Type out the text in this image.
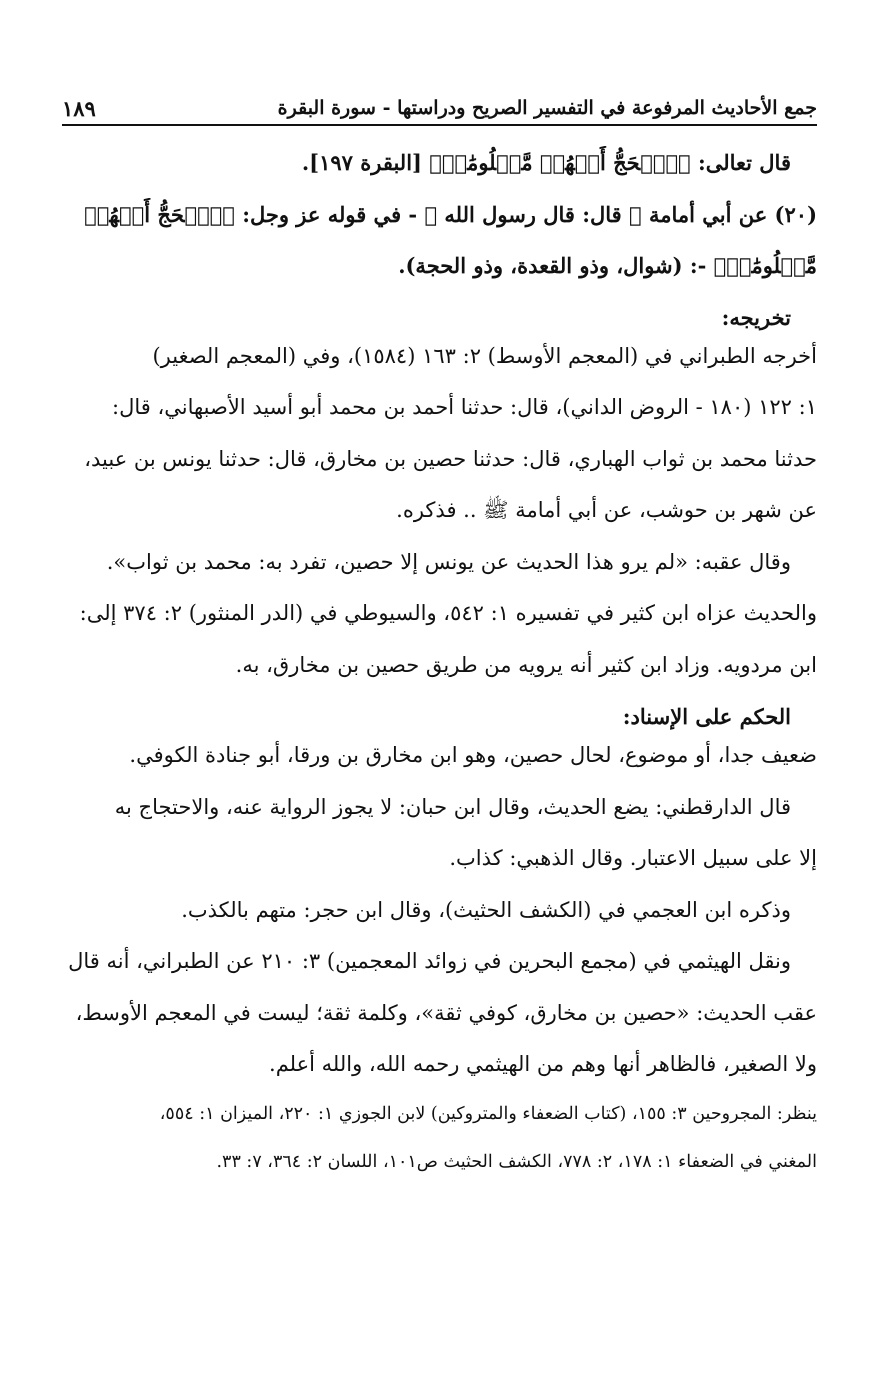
جمع الأحاديث المرفوعة في التفسير الصريح ودراستها - سورة البقرة
١٨٩

قال تعالى: ﴿ٱلۡحَجُّ أَشۡهُرٞ مَّعۡلُومَٰتٞ﴾ [البقرة ١٩٧].

(٢٠) عن أبي أمامة ﷺ قال: قال رسول الله ﷺ - في قوله عز وجل: ﴿ٱلۡحَجُّ أَشۡهُرٞ

مَّعۡلُومَٰتٞ﴾ -: (شوال، وذو القعدة، وذو الحجة).

تخريجه:

أخرجه الطبراني في (المعجم الأوسط) ٢: ١٦٣ (١٥٨٤)، وفي (المعجم الصغير)

١: ١٢٢ (١٨٠ - الروض الداني)، قال: حدثنا أحمد بن محمد أبو أسيد الأصبهاني، قال:

حدثنا محمد بن ثواب الهباري، قال: حدثنا حصين بن مخارق، قال: حدثنا يونس بن عبيد،

عن شهر بن حوشب، عن أبي أمامة ﷺ .. فذكره.

وقال عقبه: «لم يرو هذا الحديث عن يونس إلا حصين، تفرد به: محمد بن ثواب».

والحديث عزاه ابن كثير في تفسيره ١: ٥٤٢، والسيوطي في (الدر المنثور) ٢: ٣٧٤ إلى:

ابن مردويه. وزاد ابن كثير أنه يرويه من طريق حصين بن مخارق، به.

الحكم على الإسناد:

ضعيف جدا، أو موضوع، لحال حصين، وهو ابن مخارق بن ورقا، أبو جنادة الكوفي.

قال الدارقطني: يضع الحديث، وقال ابن حبان: لا يجوز الرواية عنه، والاحتجاج به

إلا على سبيل الاعتبار. وقال الذهبي: كذاب.

وذكره ابن العجمي في (الكشف الحثيث)، وقال ابن حجر: متهم بالكذب.

ونقل الهيثمي في (مجمع البحرين في زوائد المعجمين) ٣: ٢١٠ عن الطبراني، أنه قال

عقب الحديث: «حصين بن مخارق، كوفي ثقة»، وكلمة ثقة؛ ليست في المعجم الأوسط،

ولا الصغير، فالظاهر أنها وهم من الهيثمي رحمه الله، والله أعلم.

ينظر: المجروحين ٣: ١٥٥، (كتاب الضعفاء والمتروكين) لابن الجوزي ١: ٢٢٠، الميزان ١: ٥٥٤،

المغني في الضعفاء ١: ١٧٨، ٢: ٧٧٨، الكشف الحثيث ص١٠١، اللسان ٢: ٣٦٤، ٧: ٣٣.
